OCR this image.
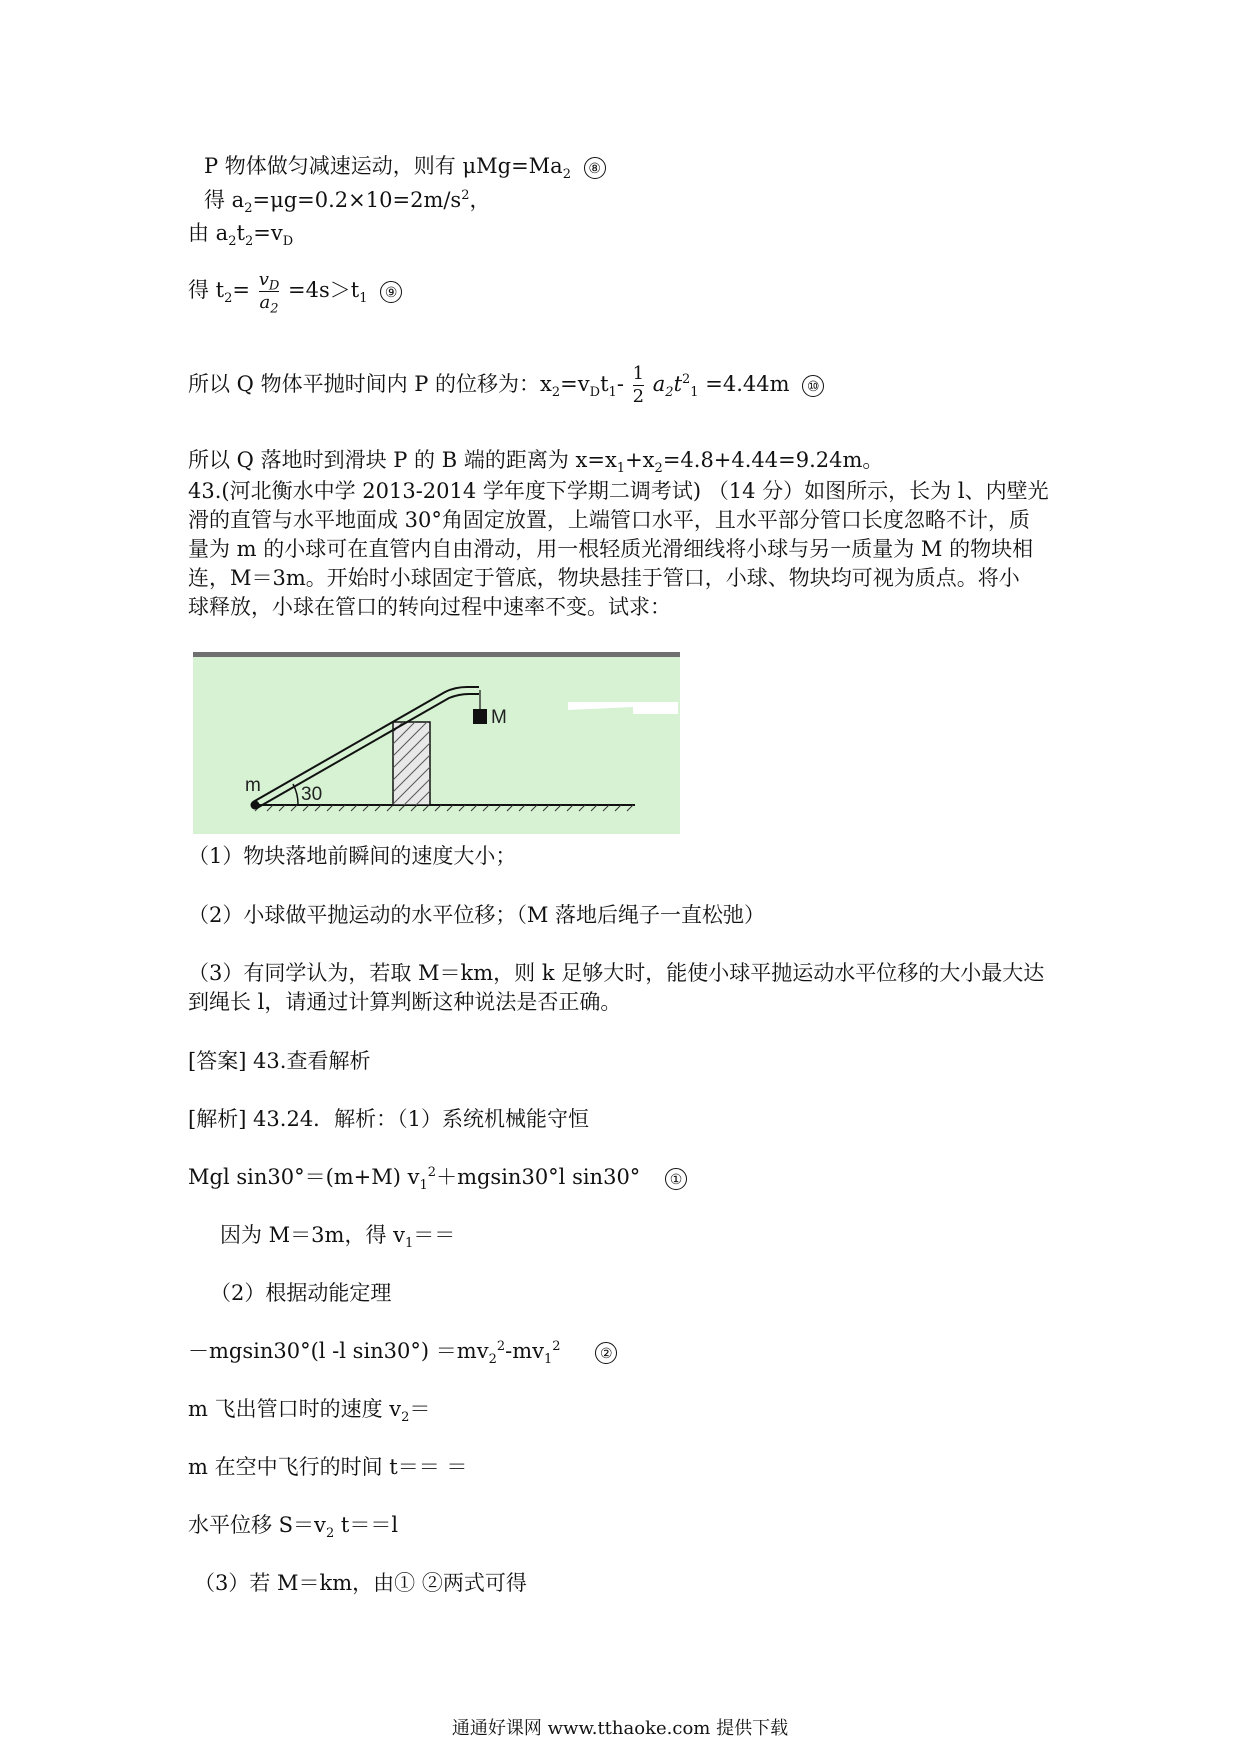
P 物体做匀减速运动，则有 $\mu Mg=Ma_2$ ⑧
得 $a_2=\mu g=0.2\times 10=2m/s^2$，
由 $a_2t_2=v_D$
得 $t_2= \frac{v_D}{a_2} =4s>t_1$ ⑨
所以 Q 物体平抛时间内 P 的位移为：$x_2=v_Dt_1- \frac{1}{2} a_2t^2_1 =4.44m$ ⑩
所以 Q 落地时到滑块 P 的 B 端的距离为 $x=x_1+x_2=4.8+4.44=9.24m$。
43.(河北衡水中学 2013-2014 学年度下学期二调考试) （14 分）如图所示，长为 l、内壁光
滑的直管与水平地面成 30°角固定放置，上端管口水平，且水平部分管口长度忽略不计，质
量为 m 的小球可在直管内自由滑动，用一根轻质光滑细线将小球与另一质量为 M 的物块相
连，M＝3m。开始时小球固定于管底，物块悬挂于管口，小球、物块均可视为质点。将小
球释放，小球在管口的转向过程中速率不变。试求：
m 30
M
（1）物块落地前瞬间的速度大小；
（2）小球做平抛运动的水平位移；（M 落地后绳子一直松弛）
（3）有同学认为，若取 M＝km，则 k 足够大时，能使小球平抛运动水平位移的大小最大达
到绳长 l，请通过计算判断这种说法是否正确。
[答案] 43.查看解析
[解析] 43.24．解析：（1）系统机械能守恒
Mgl sin30°＝(m+M) $v_1^2+mgsin30^\circ l$ sin30° ①
因为 M＝3m，得 $v_1==$
（2）根据动能定理
－mgsin30°(l -l $\sin 30^\circ) =mv_2^2-mv_1^2$	②
m 飞出管口时的速度 $v_2=$
m 在空中飞行的时间 t＝＝ ＝
水平位移 $S=v_2$ t＝＝l
（3）若 M＝km，由① ②两式可得
通通好课网 www.tthaoke.com 提供下载
